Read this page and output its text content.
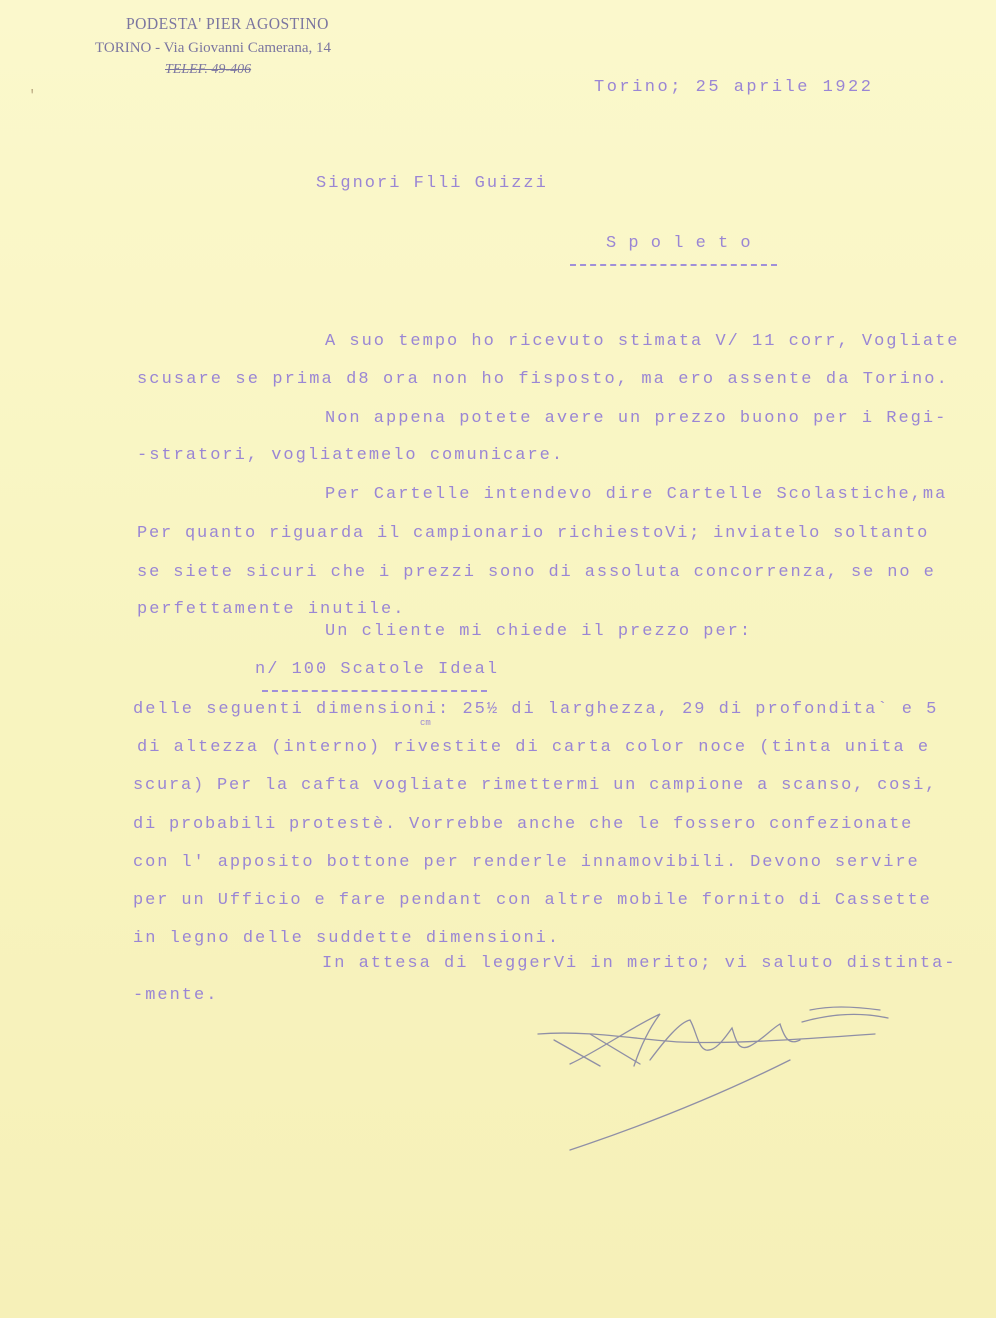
PODESTA' PIER AGOSTINO
TORINO - Via Giovanni Camerana, 14
TELEF. 49-406
'	Torino; 25 aprile 1922
Signori Flli Guizzi
S p o l e t o
A suo tempo ho ricevuto stimata V/ 11 corr, Vogliate
scusare se prima d8 ora non ho fisposto, ma ero assente da Torino.
Non appena potete avere un prezzo buono per i Regi-
-stratori, vogliatemelo comunicare.
Per Cartelle intendevo dire Cartelle Scolastiche,ma
Per quanto riguarda il campionario richiestoVi; inviatelo soltanto
se siete sicuri che i prezzi sono di assoluta concorrenza, se no e
perfettamente inutile.
Un cliente mi chiede il prezzo per:
n/ 100 Scatole Ideal
delle seguenti dimensioni: 25½ di larghezza, 29 di profondita` e 5
cm
di altezza (interno) rivestite di carta color noce (tinta unita e
scura) Per la cafta vogliate rimettermi un campione a scanso, cosi,
di probabili protestè. Vorrebbe anche che le fossero confezionate
con l' apposito bottone per renderle innamovibili. Devono servire
per un Ufficio e fare pendant con altre mobile fornito di Cassette
in legno delle suddette dimensioni.
In attesa di leggerVi in merito; vi saluto distinta-
-mente.
